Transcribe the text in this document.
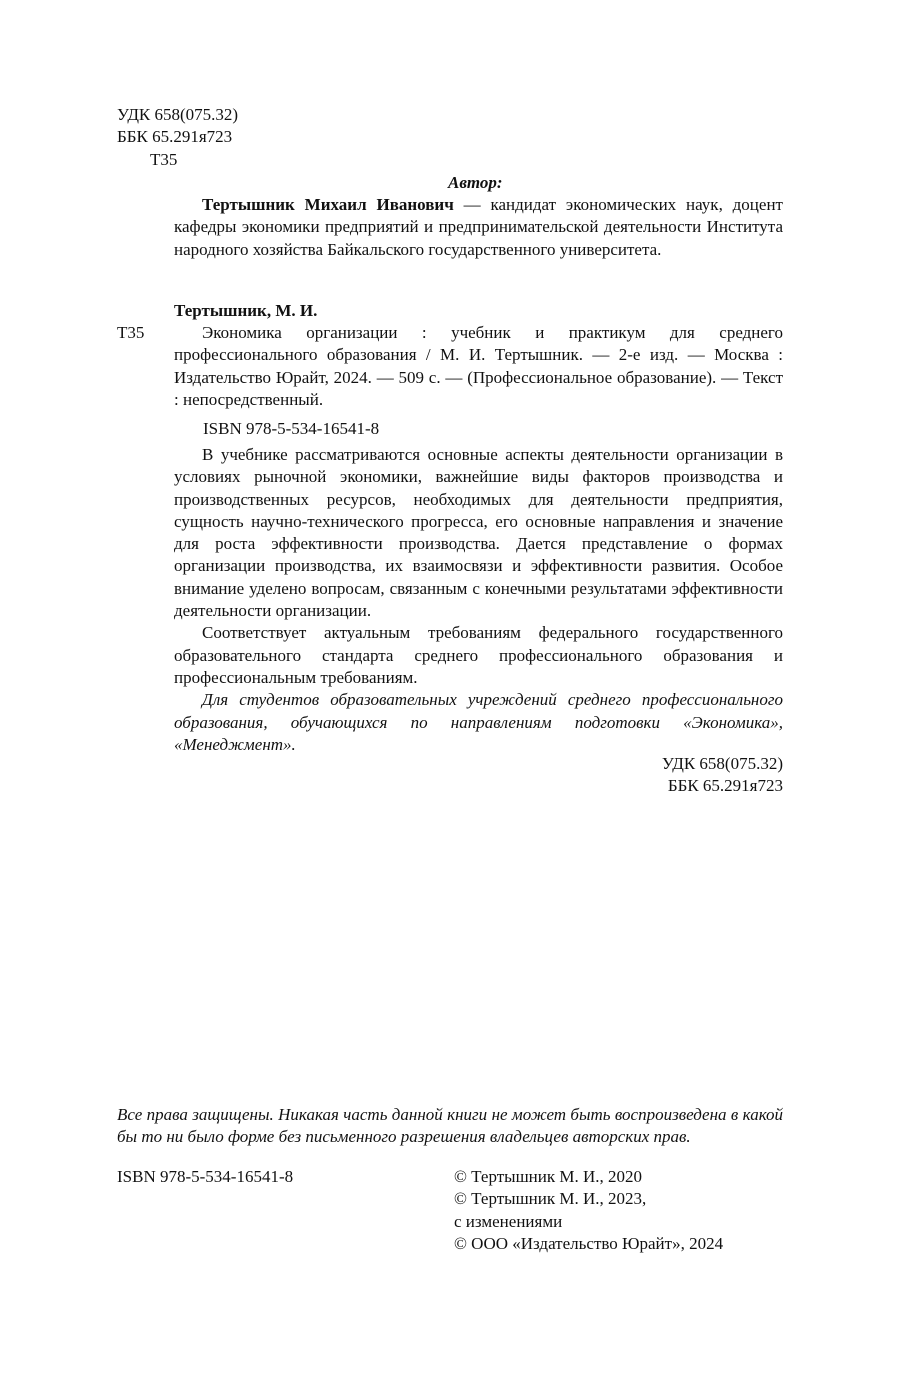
УДК 658(075.32)
ББК 65.291я723
Т35
Автор:

Тертышник Михаил Иванович — кандидат экономических наук, доцент кафедры экономики предприятий и предпринимательской деятельности Института народного хозяйства Байкальского государственного университета.

Тертышник, М. И.
Т35	Экономика организации : учебник и практикум для среднего профессионального образования / М. И. Тертышник. — 2-е изд. — Москва : Издательство Юрайт, 2024. — 509 с. — (Профессиональное образование). — Текст : непосредственный.

ISBN 978-5-534-16541-8

В учебнике рассматриваются основные аспекты деятельности организации в условиях рыночной экономики, важнейшие виды факторов производства и производственных ресурсов, необходимых для деятельности предприятия, сущность научно-технического прогресса, его основные направления и значение для роста эффективности производства. Дается представление о формах организации производства, их взаимосвязи и эффективности развития. Особое внимание уделено вопросам, связанным с конечными результатами эффективности деятельности организации.

Соответствует актуальным требованиям федерального государственного образовательного стандарта среднего профессионального образования и профессиональным требованиям.

Для студентов образовательных учреждений среднего профессионального образования, обучающихся по направлениям подготовки «Экономика», «Менеджмент».

УДК 658(075.32)
ББК 65.291я723

Все права защищены. Никакая часть данной книги не может быть воспроизведена в какой бы то ни было форме без письменного разрешения владельцев авторских прав.

ISBN 978-5-534-16541-8	© Тертышник М. И., 2020
© Тертышник М. И., 2023,
с изменениями
© ООО «Издательство Юрайт», 2024
